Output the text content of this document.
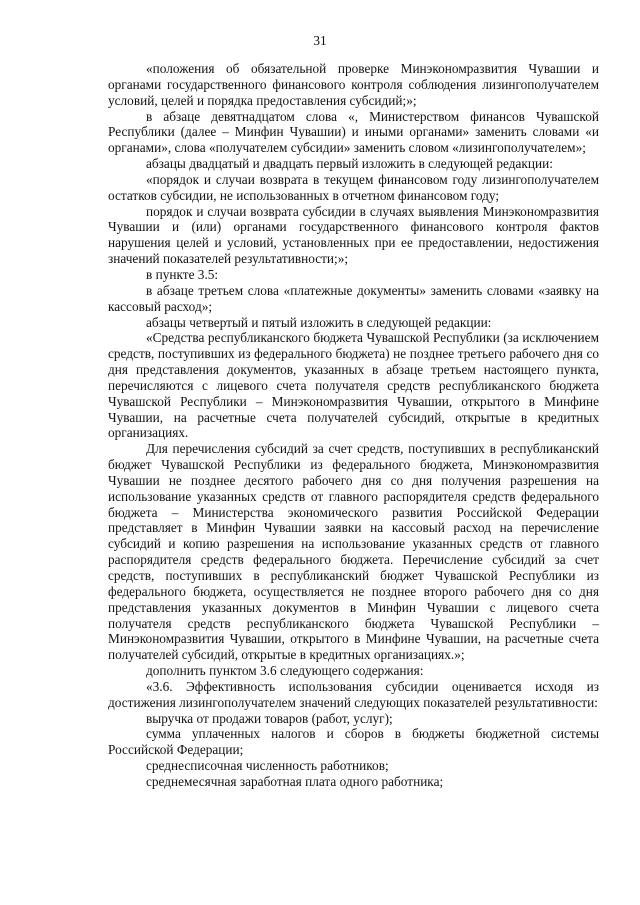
31

«положения об обязательной проверке Минэкономразвития Чувашии и органами государственного финансового контроля соблюдения лизингополучателем условий, целей и порядка предоставления субсидий;»;

в абзаце девятнадцатом слова «, Министерством финансов Чувашской Республики (далее – Минфин Чувашии) и иными органами» заменить словами «и органами», слова «получателем субсидии» заменить словом «лизингополучателем»;

абзацы двадцатый и двадцать первый изложить в следующей редакции:

«порядок и случаи возврата в текущем финансовом году лизингополучателем остатков субсидии, не использованных в отчетном финансовом году;

порядок и случаи возврата субсидии в случаях выявления Минэкономразвития Чувашии и (или) органами государственного финансового контроля фактов нарушения целей и условий, установленных при ее предоставлении, недостижения значений показателей результативности;»;

в пункте 3.5:

в абзаце третьем слова «платежные документы» заменить словами «заявку на кассовый расход»;

абзацы четвертый и пятый изложить в следующей редакции:

«Средства республиканского бюджета Чувашской Республики (за исключением средств, поступивших из федерального бюджета) не позднее третьего рабочего дня со дня представления документов, указанных в абзаце третьем настоящего пункта, перечисляются с лицевого счета получателя средств республиканского бюджета Чувашской Республики – Минэкономразвития Чувашии, открытого в Минфине Чувашии, на расчетные счета получателей субсидий, открытые в кредитных организациях.

Для перечисления субсидий за счет средств, поступивших в республиканский бюджет Чувашской Республики из федерального бюджета, Минэкономразвития Чувашии не позднее десятого рабочего дня со дня получения разрешения на использование указанных средств от главного распорядителя средств федерального бюджета – Министерства экономического развития Российской Федерации представляет в Минфин Чувашии заявки на кассовый расход на перечисление субсидий и копию разрешения на использование указанных средств от главного распорядителя средств федерального бюджета. Перечисление субсидий за счет средств, поступивших в республиканский бюджет Чувашской Республики из федерального бюджета, осуществляется не позднее второго рабочего дня со дня представления указанных документов в Минфин Чувашии с лицевого счета получателя средств республиканского бюджета Чувашской Республики – Минэкономразвития Чувашии, открытого в Минфине Чувашии, на расчетные счета получателей субсидий, открытые в кредитных организациях.»;

дополнить пунктом 3.6 следующего содержания:

«3.6. Эффективность использования субсидии оценивается исходя из достижения лизингополучателем значений следующих показателей результативности:

выручка от продажи товаров (работ, услуг);

сумма уплаченных налогов и сборов в бюджеты бюджетной системы Российской Федерации;

среднесписочная численность работников;

среднемесячная заработная плата одного работника;
